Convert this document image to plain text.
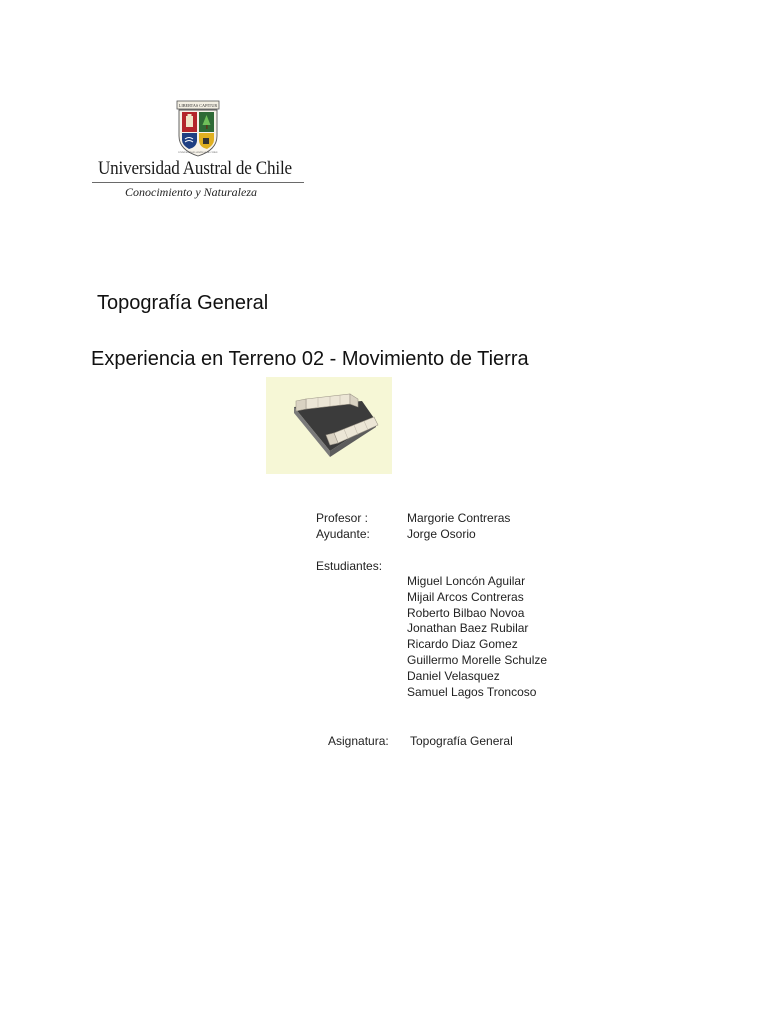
LIBERTAS CAPITUR
UNIVERSIDAD AUSTRAL DE CHILE
Universidad Austral de Chile
Conocimiento y Naturaleza
Topografía General
Experiencia en Terreno 02 - Movimiento de Tierra
Profesor :	Margorie Contreras
Ayudante:	Jorge Osorio
Estudiantes:
Miguel Loncón Aguilar
Mijail Arcos Contreras
Roberto Bilbao Novoa
Jonathan Baez Rubilar
Ricardo Diaz Gomez
Guillermo Morelle Schulze
Daniel Velasquez
Samuel Lagos Troncoso
Asignatura: Topografía General
